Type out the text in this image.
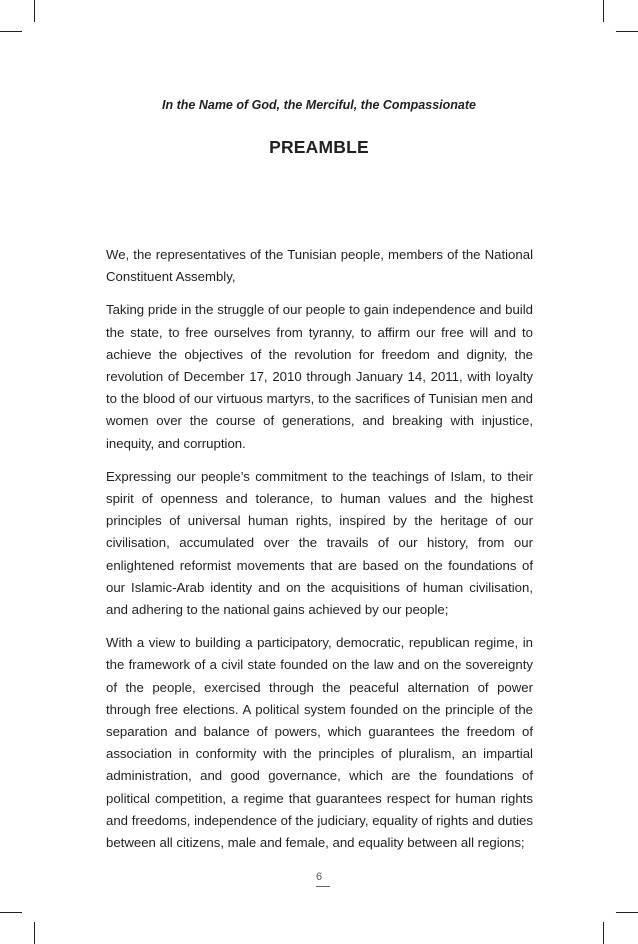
In the Name of God, the Merciful, the Compassionate
PREAMBLE

We, the representatives of the Tunisian people, members of the National Constituent Assembly,

Taking pride in the struggle of our people to gain independence and build the state, to free ourselves from tyranny, to affirm our free will and to achieve the objectives of the revolution for freedom and dignity, the revolution of December 17, 2010 through January 14, 2011, with loyalty to the blood of our virtuous martyrs, to the sacrifices of Tunisian men and women over the course of generations, and breaking with injustice, inequity, and corruption.

Expressing our people’s commitment to the teachings of Islam, to their spirit of openness and tolerance, to human values and the highest principles of universal human rights, inspired by the heritage of our civilisation, accumulated over the travails of our history, from our enlightened reformist movements that are based on the foundations of our Islamic-Arab identity and on the acquisitions of human civilisation, and adhering to the national gains achieved by our people;

With a view to building a participatory, democratic, republican regime, in the framework of a civil state founded on the law and on the sovereignty of the people, exercised through the peaceful alternation of power through free elections. A political system founded on the principle of the separation and balance of powers, which guarantees the freedom of association in conformity with the principles of pluralism, an impartial administration, and good governance, which are the foundations of political competition, a regime that guarantees respect for human rights and freedoms, independence of the judiciary, equality of rights and duties between all citizens, male and female, and equality between all regions;

6
